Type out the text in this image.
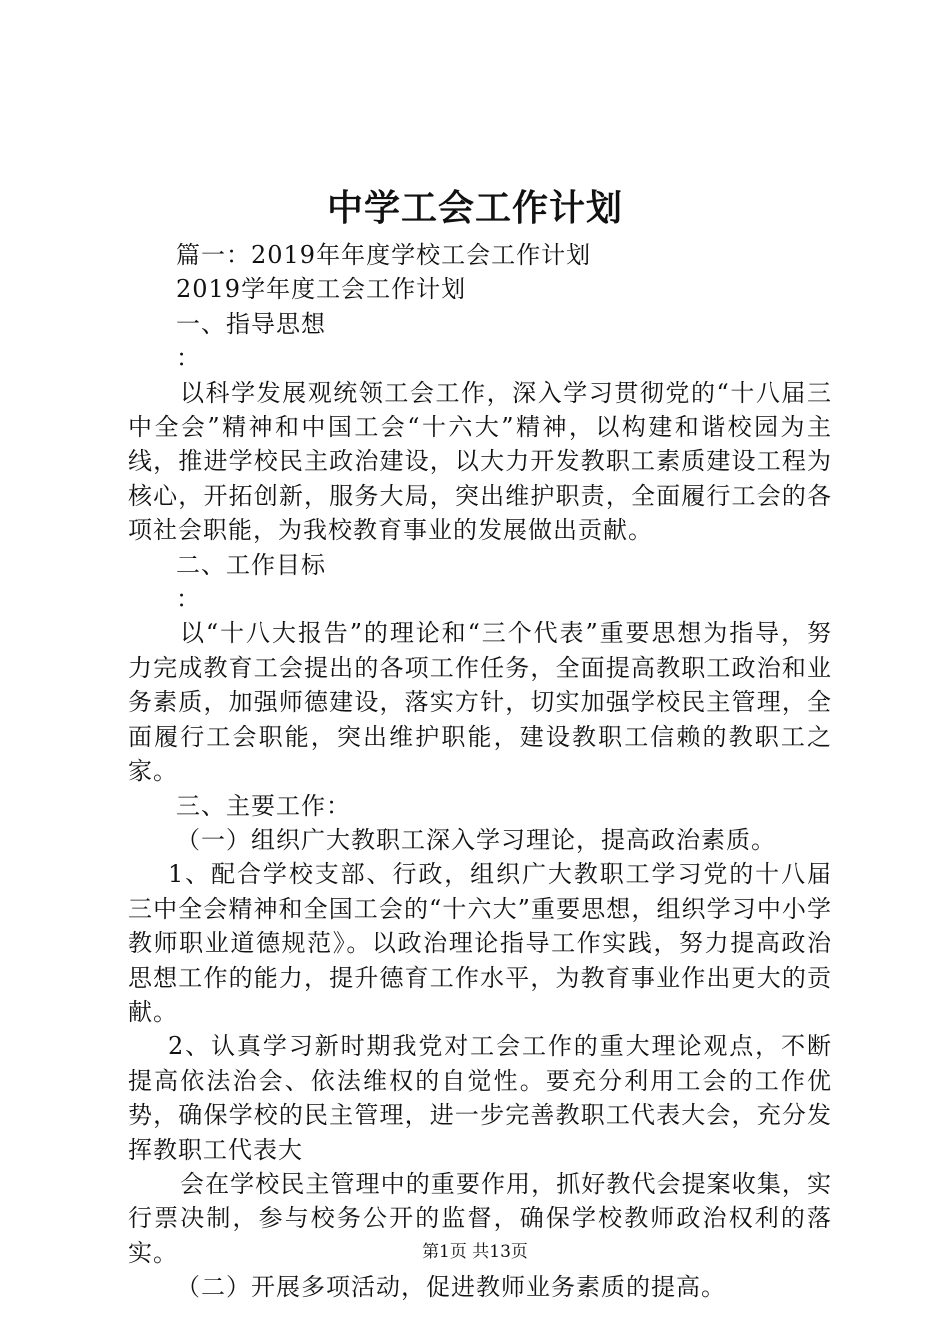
中学工会工作计划

篇一：2019年年度学校工会工作计划

2019学年度工会工作计划

一、指导思想

：

以科学发展观统领工会工作，深入学习贯彻党的“十八届三中全会”精神和中国工会“十六大”精神，以构建和谐校园为主线，推进学校民主政治建设，以大力开发教职工素质建设工程为核心，开拓创新，服务大局，突出维护职责，全面履行工会的各项社会职能，为我校教育事业的发展做出贡献。

二、工作目标

：

以“十八大报告”的理论和“三个代表”重要思想为指导，努力完成教育工会提出的各项工作任务，全面提高教职工政治和业务素质，加强师德建设，落实方针，切实加强学校民主管理，全面履行工会职能，突出维护职能，建设教职工信赖的教职工之家。

三、主要工作：

（一）组织广大教职工深入学习理论，提高政治素质。

1、配合学校支部、行政，组织广大教职工学习党的十八届三中全会精神和全国工会的“十六大”重要思想，组织学习中小学教师职业道德规范》。以政治理论指导工作实践，努力提高政治思想工作的能力，提升德育工作水平，为教育事业作出更大的贡献。

2、认真学习新时期我党对工会工作的重大理论观点，不断提高依法治会、依法维权的自觉性。要充分利用工会的工作优势，确保学校的民主管理，进一步完善教职工代表大会，充分发挥教职工代表大

会在学校民主管理中的重要作用，抓好教代会提案收集，实行票决制，参与校务公开的监督，确保学校教师政治权利的落实。

（二）开展多项活动，促进教师业务素质的提高。

第1页 共13页
